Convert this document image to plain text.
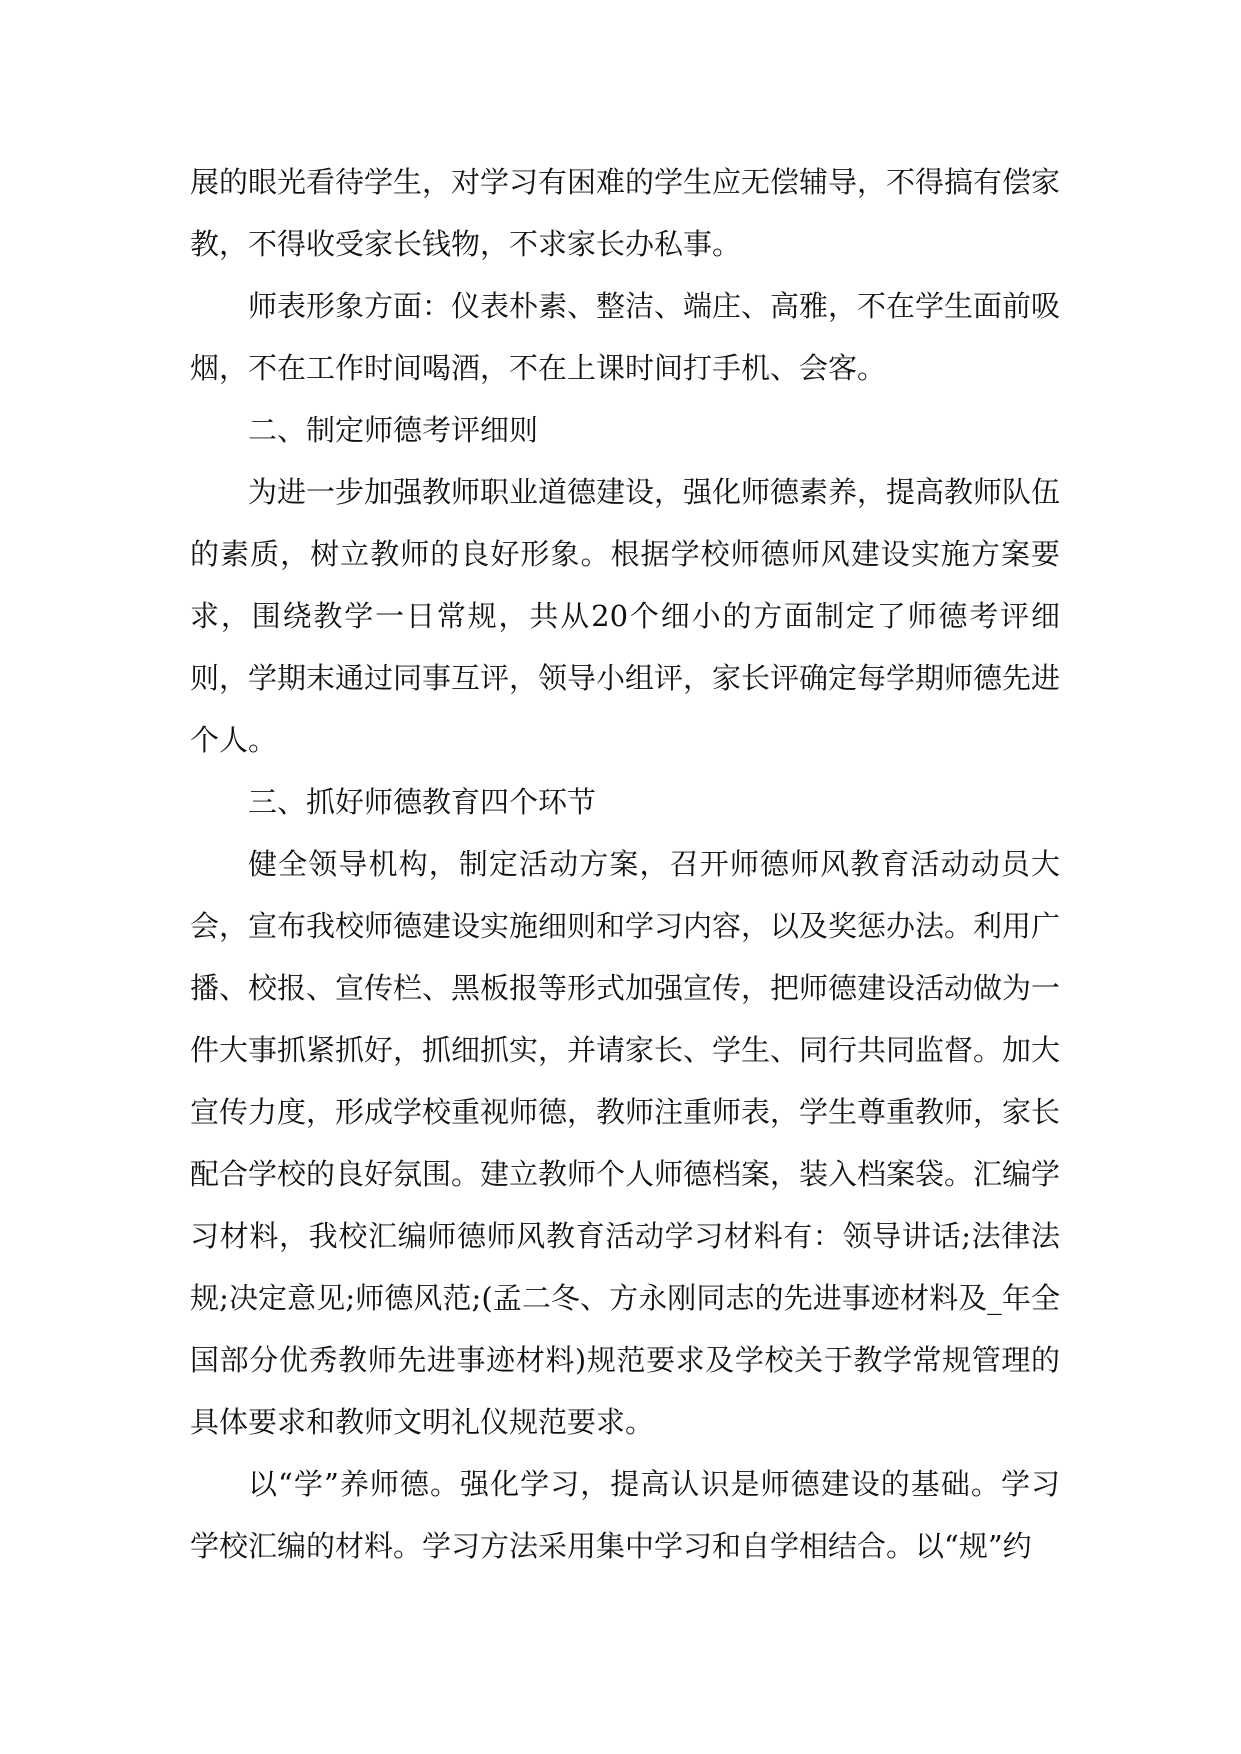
展的眼光看待学生，对学习有困难的学生应无偿辅导，不得搞有偿家教，不得收受家长钱物，不求家长办私事。

师表形象方面：仪表朴素、整洁、端庄、高雅，不在学生面前吸烟，不在工作时间喝酒，不在上课时间打手机、会客。

二、制定师德考评细则

为进一步加强教师职业道德建设，强化师德素养，提高教师队伍的素质，树立教师的良好形象。根据学校师德师风建设实施方案要求，围绕教学一日常规，共从20个细小的方面制定了师德考评细则，学期末通过同事互评，领导小组评，家长评确定每学期师德先进个人。

三、抓好师德教育四个环节

健全领导机构，制定活动方案，召开师德师风教育活动动员大会，宣布我校师德建设实施细则和学习内容，以及奖惩办法。利用广播、校报、宣传栏、黑板报等形式加强宣传，把师德建设活动做为一件大事抓紧抓好，抓细抓实，并请家长、学生、同行共同监督。加大宣传力度，形成学校重视师德，教师注重师表，学生尊重教师，家长配合学校的良好氛围。建立教师个人师德档案，装入档案袋。汇编学习材料，我校汇编师德师风教育活动学习材料有：领导讲话;法律法规;决定意见;师德风范;(孟二冬、方永刚同志的先进事迹材料及_年全国部分优秀教师先进事迹材料)规范要求及学校关于教学常规管理的具体要求和教师文明礼仪规范要求。

以“学”养师德。强化学习，提高认识是师德建设的基础。学习学校汇编的材料。学习方法采用集中学习和自学相结合。以“规”约
